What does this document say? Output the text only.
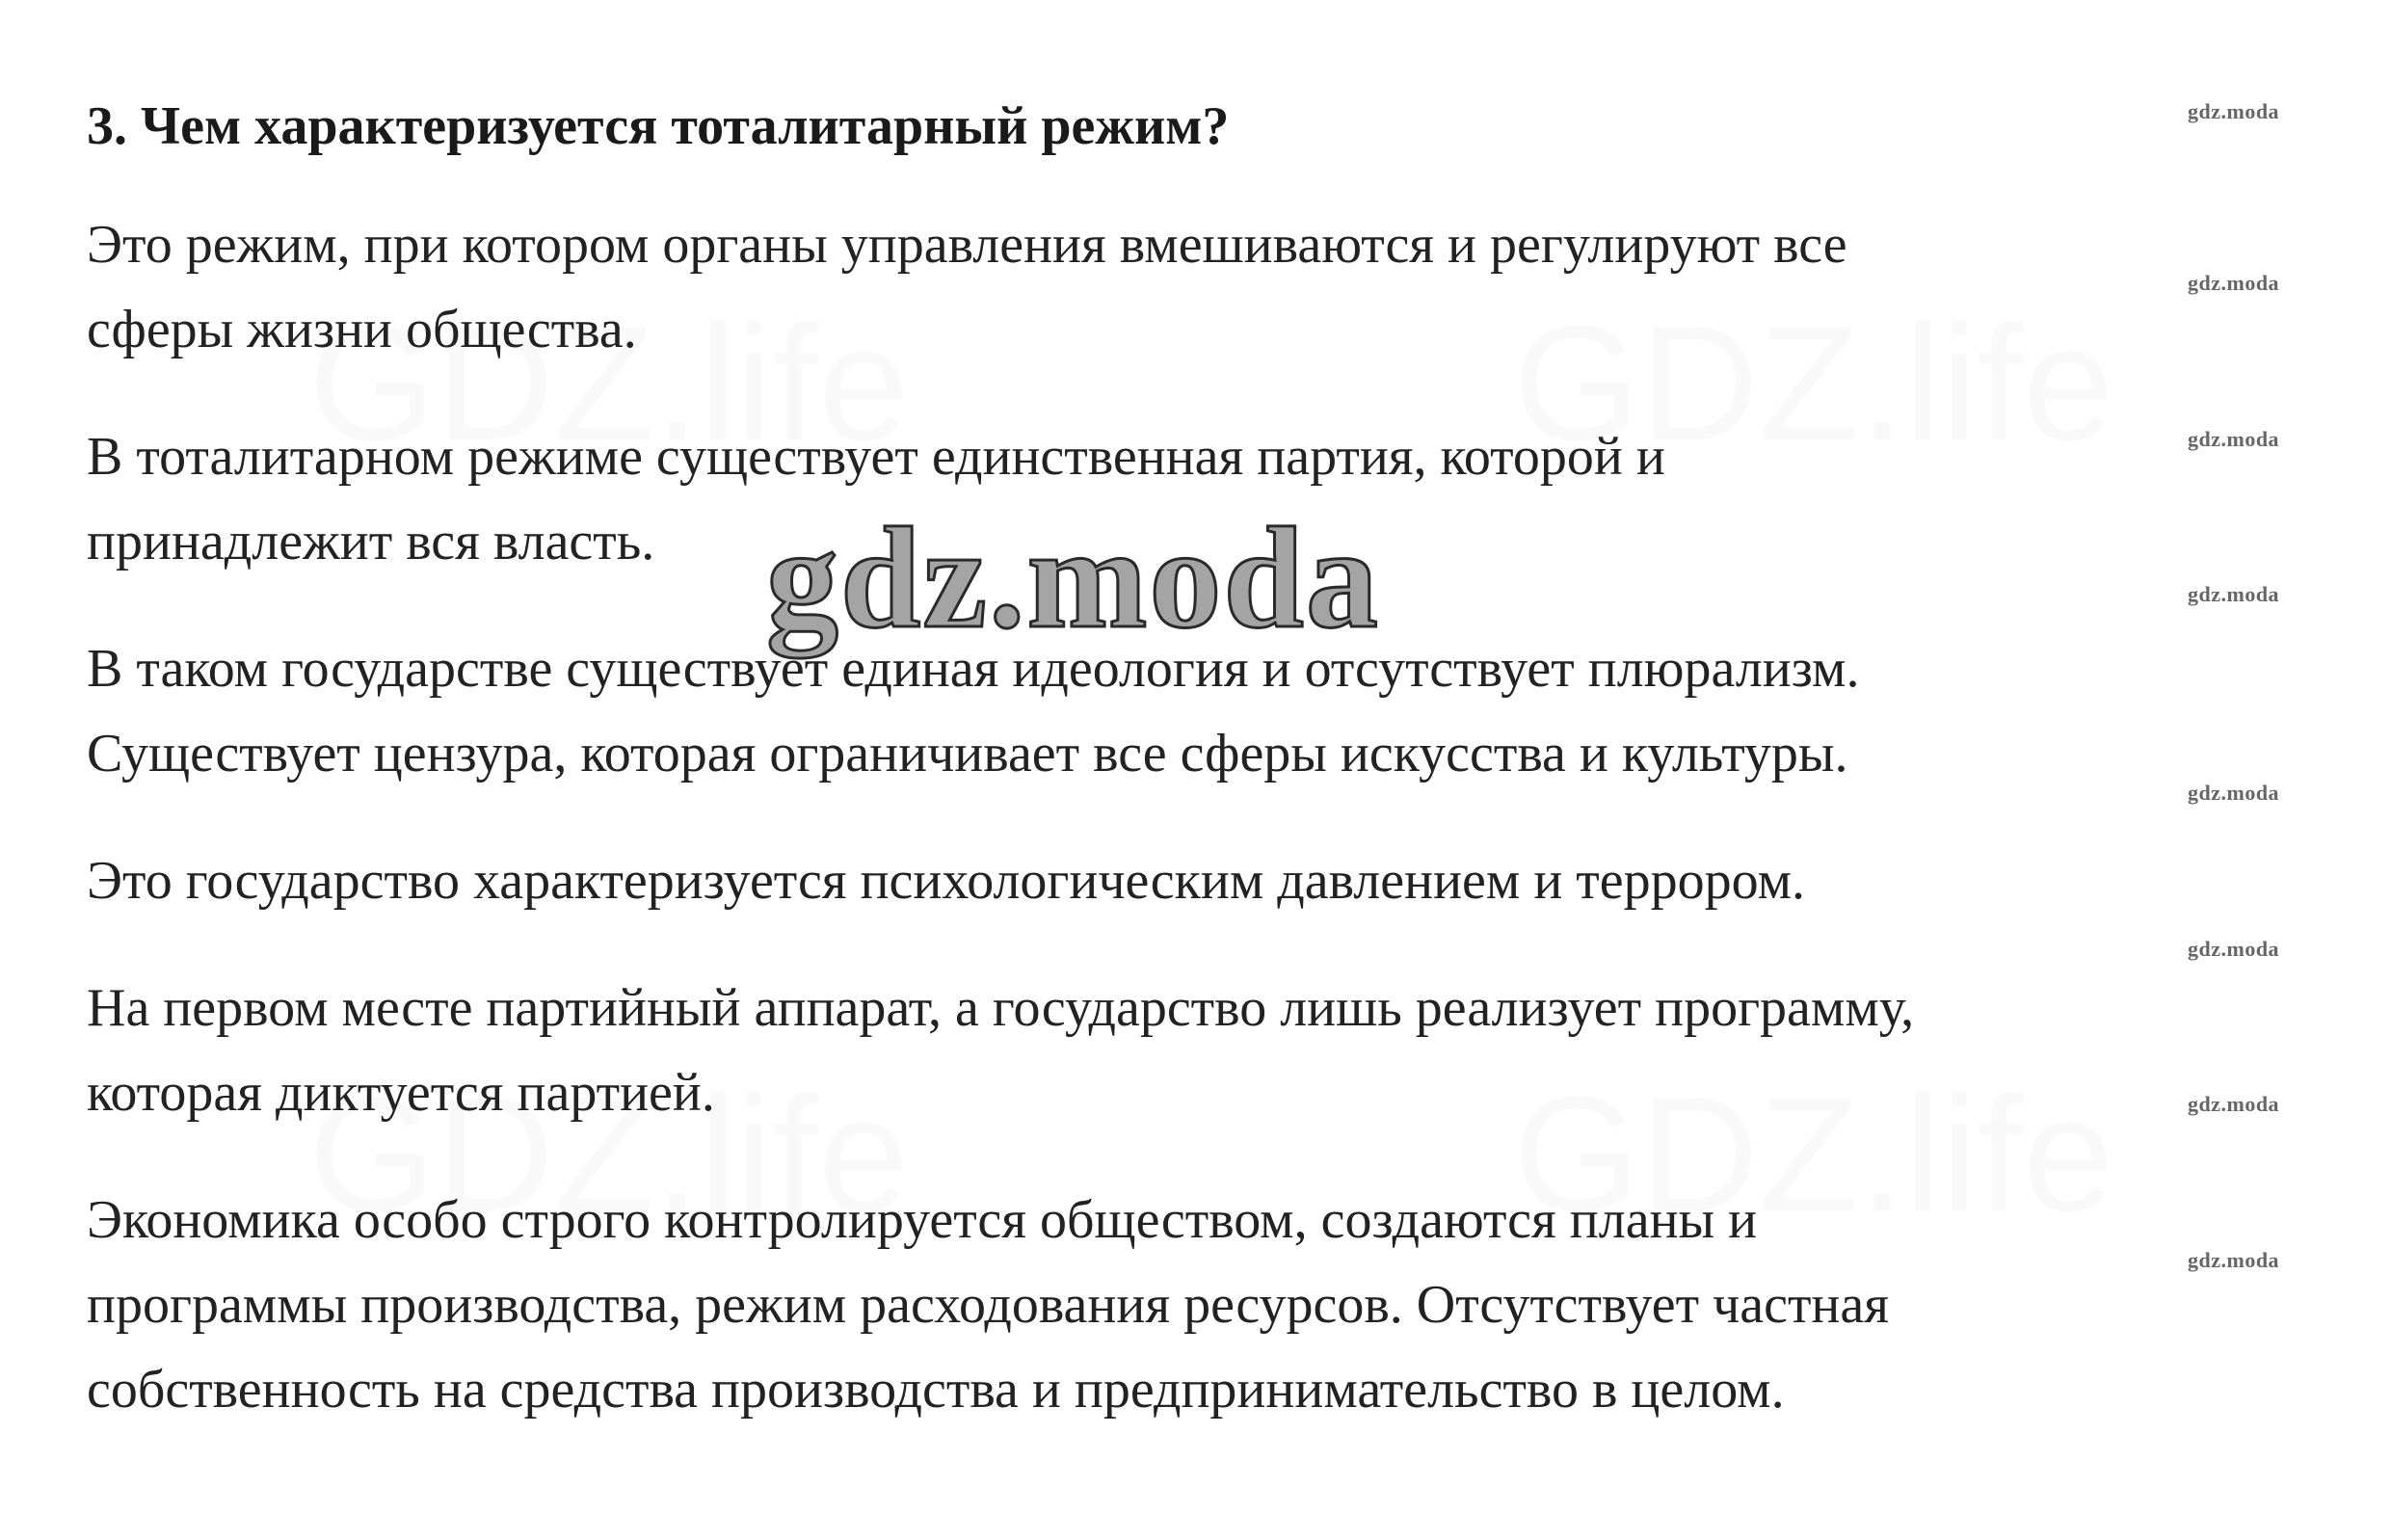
3. Чем характеризуется тоталитарный режим?
Это режим, при котором органы управления вмешиваются и регулируют все
сферы жизни общества.
В тоталитарном режиме существует единственная партия, которой и
принадлежит вся власть.
В таком государстве существует единая идеология и отсутствует плюрализм.
Существует цензура, которая ограничивает все сферы искусства и культуры.
Это государство характеризуется психологическим давлением и террором.
На первом месте партийный аппарат, а государство лишь реализует программу,
которая диктуется партией.
Экономика особо строго контролируется обществом, создаются планы и
программы производства, режим расходования ресурсов. Отсутствует частная
собственность на средства производства и предпринимательство в целом.
gdz.moda
gdz.moda
gdz.moda
gdz.moda
gdz.moda
gdz.moda
gdz.moda
gdz.moda
gdz.moda
